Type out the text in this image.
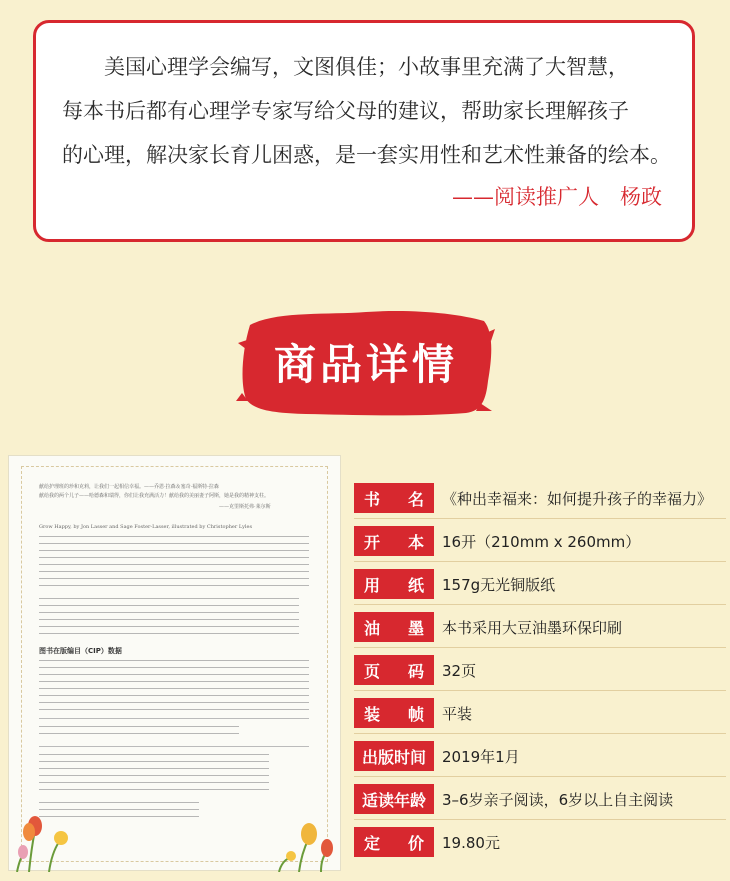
美国心理学会编写，文图俱佳；小故事里充满了大智慧，
每本书后都有心理学专家写给父母的建议，帮助家长理解孩子
的心理，解决家长育儿困惑，是一套实用性和艺术性兼备的绘本。
——阅读推广人　杨政
商品详情
献给护理班的珍和克莉，让我们一起相信幸福。——乔恩·拉森＆塞奇·福斯特-拉森
献给我的两个儿子——哈德森和瑞得，你们让我充满活力！献给我的美丽妻子阿斯，她是我的精神支柱。
——克里斯托弗·莱尔斯
Grow Happy, by Jon Lasser and Sage Foster-Lasser, illustrated by Christopher Lyles
图书在版编目（CIP）数据
书 名	《种出幸福来：如何提升孩子的幸福力》
开 本	16开（210mm x 260mm）
用 纸	157g无光铜版纸
油 墨	本书采用大豆油墨环保印刷
页 码	32页
装 帧	平装
出版时间	2019年1月
适读年龄	3–6岁亲子阅读，6岁以上自主阅读
定 价	19.80元
